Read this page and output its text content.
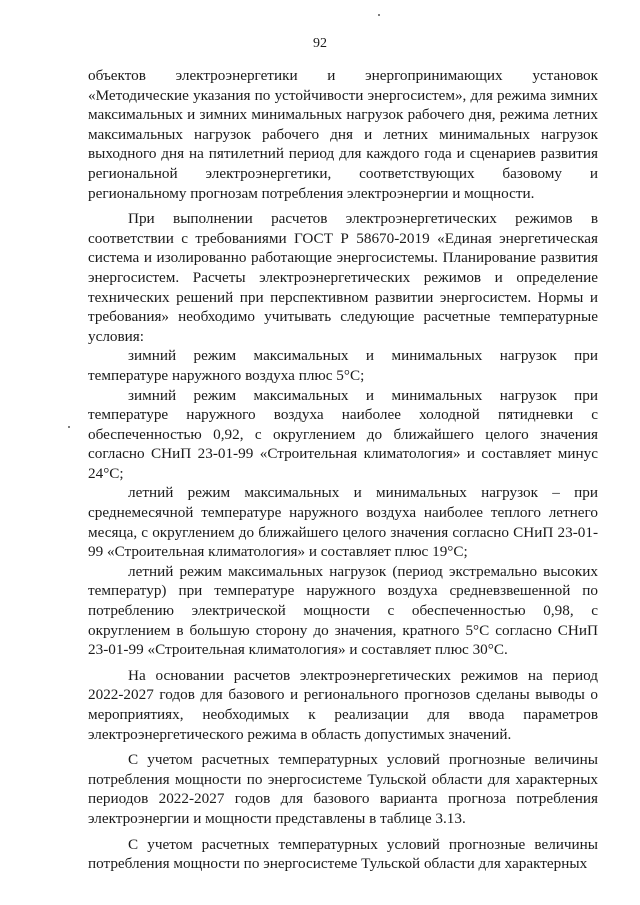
92

объектов электроэнергетики и энергопринимающих установок «Методические указания по устойчивости энергосистем», для режима зимних максимальных и зимних минимальных нагрузок рабочего дня, режима летних максимальных нагрузок рабочего дня и летних минимальных нагрузок выходного дня на пятилетний период для каждого года и сценариев развития региональной электроэнергетики, соответствующих базовому и региональному прогнозам потребления электроэнергии и мощности.

При выполнении расчетов электроэнергетических режимов в соответствии с требованиями ГОСТ Р 58670-2019 «Единая энергетическая система и изолированно работающие энергосистемы. Планирование развития энергосистем. Расчеты электроэнергетических режимов и определение технических решений при перспективном развитии энергосистем. Нормы и требования» необходимо учитывать следующие расчетные температурные условия:

зимний режим максимальных и минимальных нагрузок при температуре наружного воздуха плюс 5°С;

зимний режим максимальных и минимальных нагрузок при температуре наружного воздуха наиболее холодной пятидневки с обеспеченностью 0,92, с округлением до ближайшего целого значения согласно СНиП 23-01-99 «Строительная климатология» и составляет минус 24°С;

летний режим максимальных и минимальных нагрузок – при среднемесячной температуре наружного воздуха наиболее теплого летнего месяца, с округлением до ближайшего целого значения согласно СНиП 23-01-99 «Строительная климатология» и составляет плюс 19°С;

летний режим максимальных нагрузок (период экстремально высоких температур) при температуре наружного воздуха средневзвешенной по потреблению электрической мощности с обеспеченностью 0,98, с округлением в большую сторону до значения, кратного 5°С согласно СНиП 23-01-99 «Строительная климатология» и составляет плюс 30°С.

На основании расчетов электроэнергетических режимов на период 2022-2027 годов для базового и регионального прогнозов сделаны выводы о мероприятиях, необходимых к реализации для ввода параметров электроэнергетического режима в область допустимых значений.

С учетом расчетных температурных условий прогнозные величины потребления мощности по энергосистеме Тульской области для характерных периодов 2022-2027 годов для базового варианта прогноза потребления электроэнергии и мощности представлены в таблице 3.13.

С учетом расчетных температурных условий прогнозные величины потребления мощности по энергосистеме Тульской области для характерных
